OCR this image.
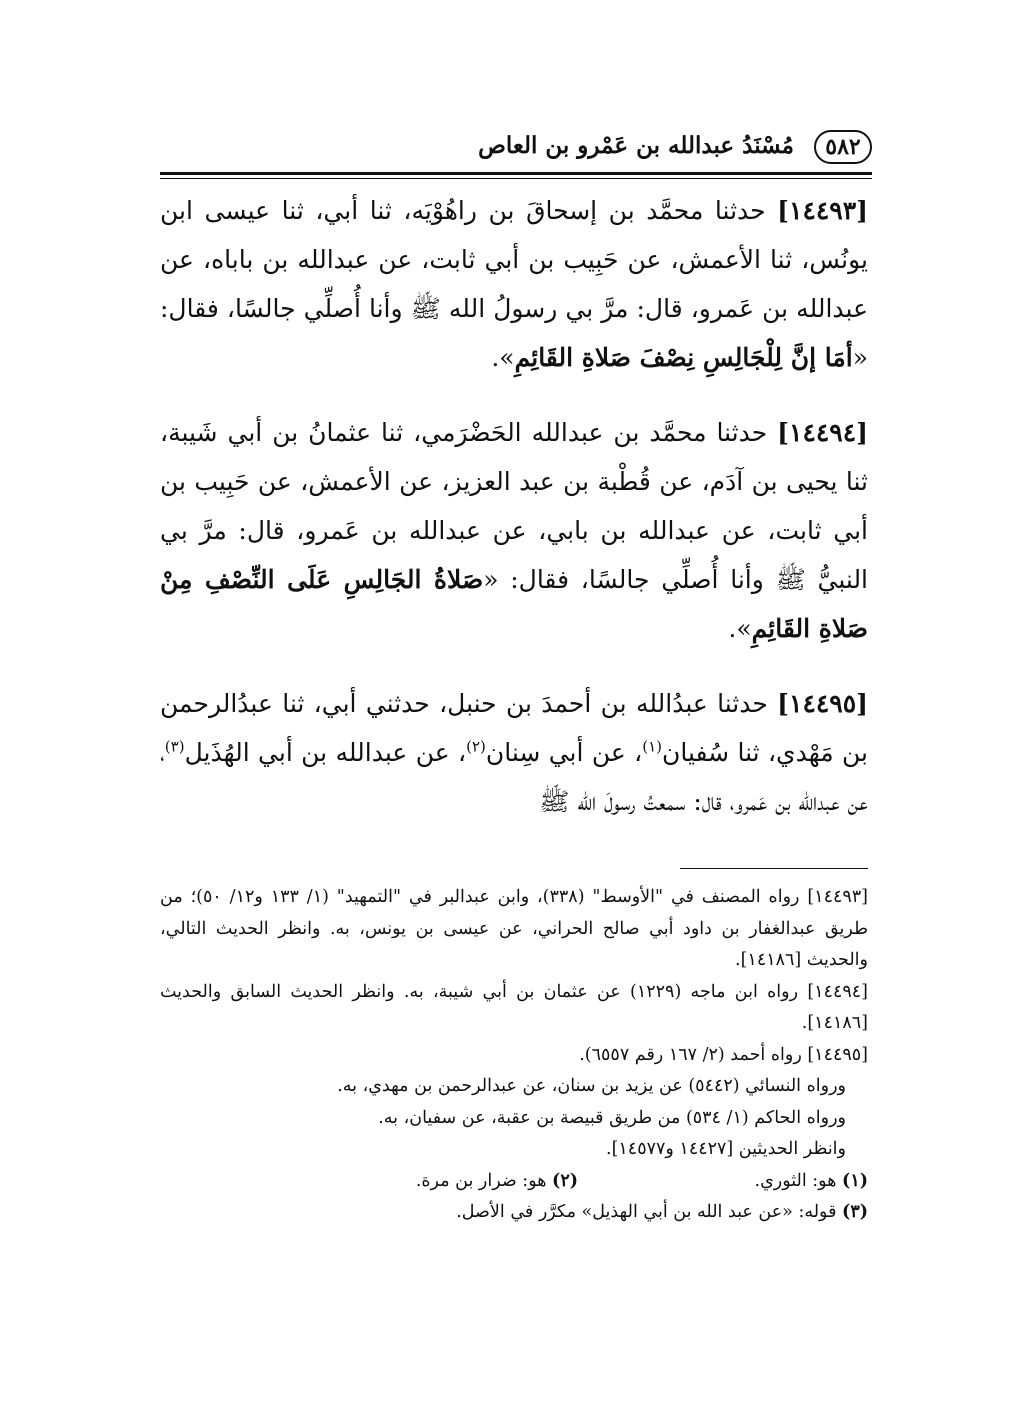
٥٨٢
مُسْنَدُ عبدالله بن عَمْرو بن العاص

[١٤٤٩٣] حدثنا محمَّد بن إسحاقَ بن راهُوْيَه، ثنا أبي، ثنا عيسى ابن يونُس، ثنا الأعمش، عن حَبِيب بن أبي ثابت، عن عبدالله بن باباه، عن عبدالله بن عَمرو، قال: مرَّ بي رسولُ الله ﷺ وأنا أُصلِّي جالسًا، فقال: «أمَا إنَّ لِلْجَالِسِ نِصْفَ صَلاةِ القَائِمِ».

[١٤٤٩٤] حدثنا محمَّد بن عبدالله الحَضْرَمي، ثنا عثمانُ بن أبي شَيبة، ثنا يحيى بن آدَم، عن قُطْبة بن عبد العزيز، عن الأعمش، عن حَبِيب بن أبي ثابت، عن عبدالله بن بابي، عن عبدالله بن عَمرو، قال: مرَّ بي النبيُّ ﷺ وأنا أُصلِّي جالسًا، فقال: «صَلاةُ الجَالِسِ عَلَى النِّصْفِ مِنْ صَلاةِ القَائِمِ».

[١٤٤٩٥] حدثنا عبدُالله بن أحمدَ بن حنبل، حدثني أبي، ثنا عبدُالرحمن بن مَهْدي، ثنا سُفيان$^{(١)}$، عن أبي سِنان$^{(٢)}$، عن عبدالله بن أبي الهُذَيل$^{(٣)}$، عن عبدالله بن عَمرو، قال: سمعتُ رسولَ الله ﷺ

[١٤٤٩٣] رواه المصنف في "الأوسط" (٣٣٨)، وابن عبدالبر في "التمهيد" (١/ ١٣٣ و١٢/ ٥٠)؛ من طريق عبدالغفار بن داود أبي صالح الحراني، عن عيسى بن يونس، به. وانظر الحديث التالي، والحديث [١٤١٨٦].
[١٤٤٩٤] رواه ابن ماجه (١٢٢٩) عن عثمان بن أبي شيبة، به. وانظر الحديث السابق والحديث [١٤١٨٦].
[١٤٤٩٥] رواه أحمد (٢/ ١٦٧ رقم ٦٥٥٧).
ورواه النسائي (٥٤٤٢) عن يزيد بن سنان، عن عبدالرحمن بن مهدي، به.
ورواه الحاكم (١/ ٥٣٤) من طريق قبيصة بن عقبة، عن سفيان، به.
وانظر الحديثين [١٤٤٢٧ و١٤٥٧٧].
(١) هو: الثوري.
(٢) هو: ضرار بن مرة.
(٣) قوله: «عن عبد الله بن أبي الهذيل» مكرَّر في الأصل.
